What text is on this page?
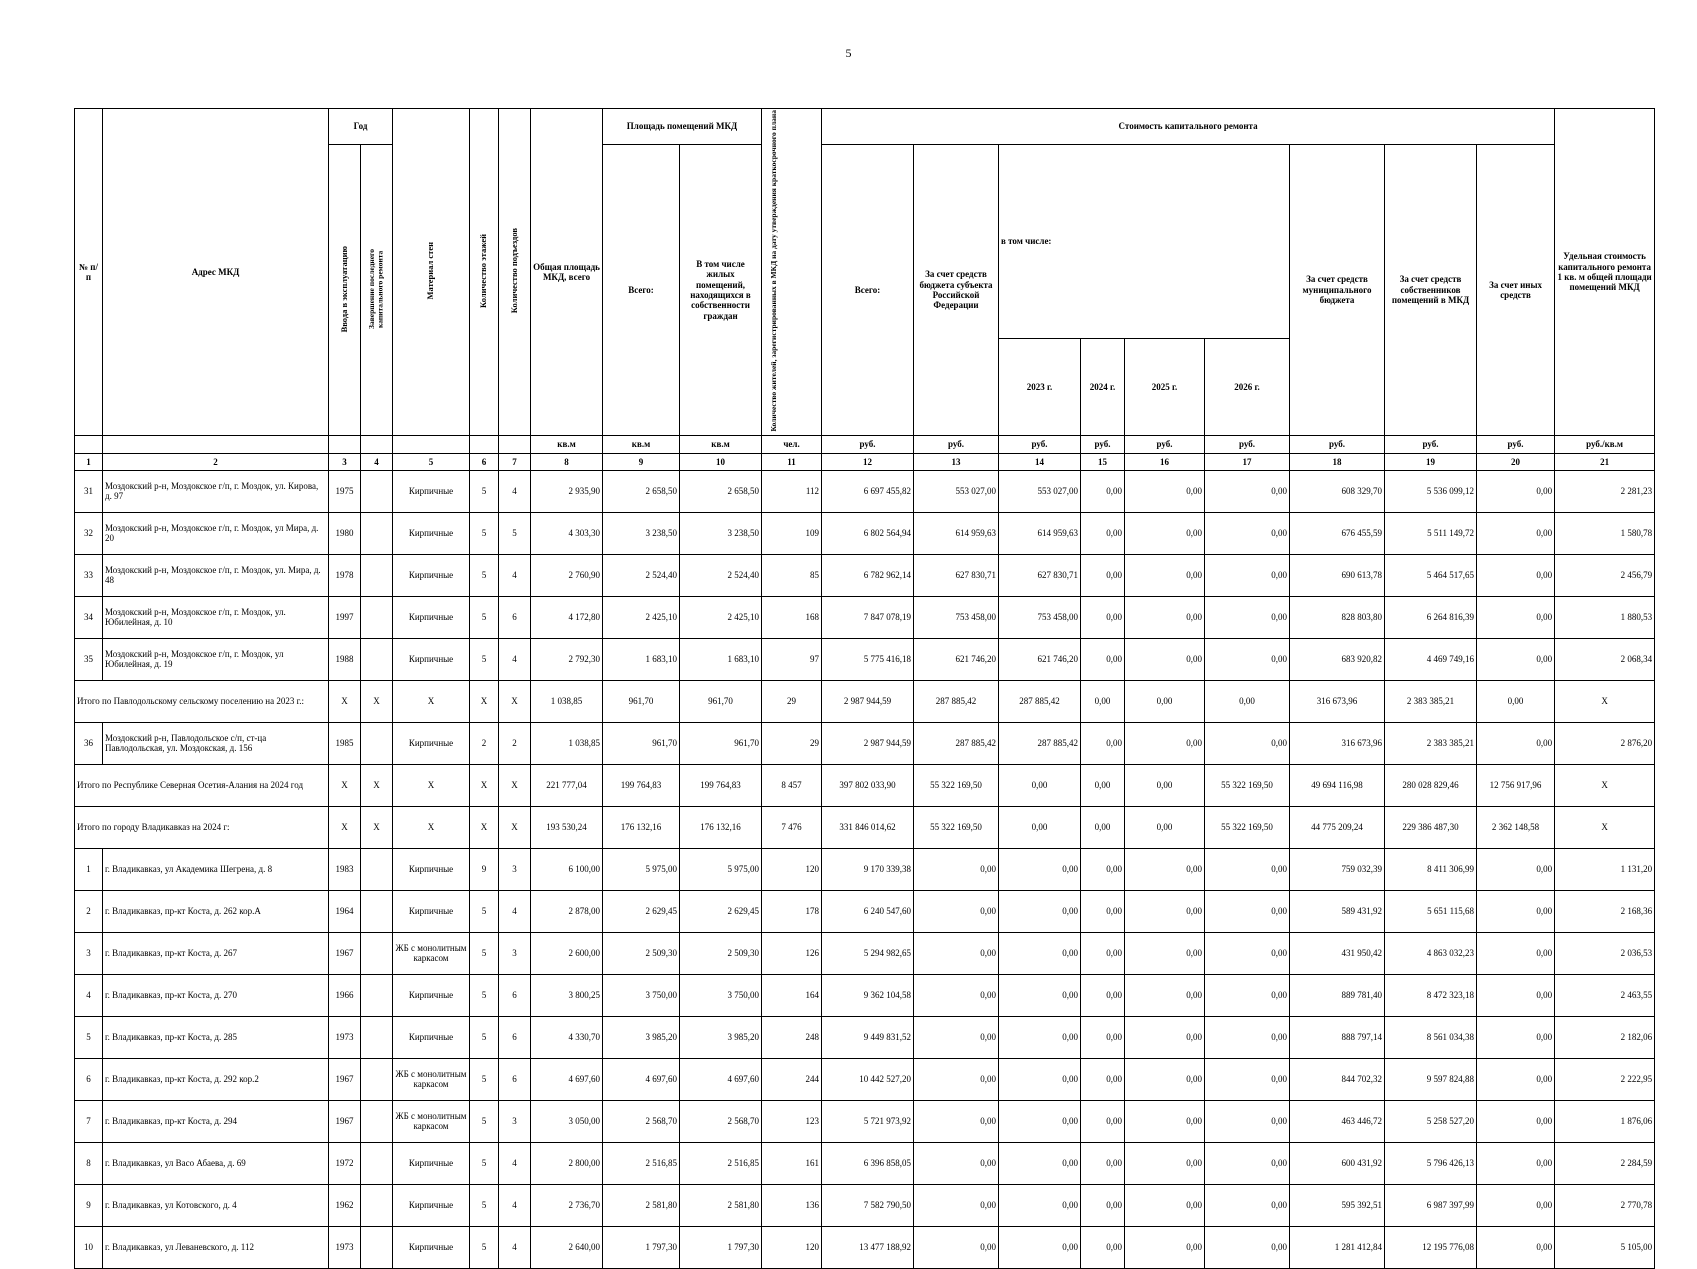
5
№ п/п	Адрес МКД	Год		Материал стен	Количество этажей	Количество подъездов	Общая площадь МКД, всего	Площадь помещений МКД		Количество жителей, зарегистрированных в МКД на дату утверждения краткосрочного плана	Стоимость капитального ремонта									Удельная стоимость капитального ремонта 1 кв. м общей площади помещений МКД
		Ввода в эксплуатацию	Завершение последнего капитального ремонта					Всего:	В том числе жилых помещений, находящихся в собственности граждан		Всего:	За счет средств бюджета субъекта Российской Федерации	в том числе:				За счет средств муниципального бюджета	За счет средств собственников помещений в МКД	За счет иных средств	
													2023 г.	2024 г.	2025 г.	2026 г.				
							кв.м	кв.м	кв.м	чел.	руб.	руб.	руб.	руб.	руб.	руб.	руб.	руб.	руб.	руб./кв.м
1	2	3	4	5	6	7	8	9	10	11	12	13	14	15	16	17	18	19	20	21
31	Моздокский р-н, Моздокское г/п, г. Моздок, ул. Кирова, д. 97	1975		Кирпичные	5	4	2 935,90	2 658,50	2 658,50	112	6 697 455,82	553 027,00	553 027,00	0,00	0,00	0,00	608 329,70	5 536 099,12	0,00	2 281,23
32	Моздокский р-н, Моздокское г/п, г. Моздок, ул Мира, д. 20	1980		Кирпичные	5	5	4 303,30	3 238,50	3 238,50	109	6 802 564,94	614 959,63	614 959,63	0,00	0,00	0,00	676 455,59	5 511 149,72	0,00	1 580,78
33	Моздокский р-н, Моздокское г/п, г. Моздок, ул. Мира, д. 48	1978		Кирпичные	5	4	2 760,90	2 524,40	2 524,40	85	6 782 962,14	627 830,71	627 830,71	0,00	0,00	0,00	690 613,78	5 464 517,65	0,00	2 456,79
34	Моздокский р-н, Моздокское г/п, г. Моздок, ул. Юбилейная, д. 10	1997		Кирпичные	5	6	4 172,80	2 425,10	2 425,10	168	7 847 078,19	753 458,00	753 458,00	0,00	0,00	0,00	828 803,80	6 264 816,39	0,00	1 880,53
35	Моздокский р-н, Моздокское г/п, г. Моздок, ул Юбилейная, д. 19	1988		Кирпичные	5	4	2 792,30	1 683,10	1 683,10	97	5 775 416,18	621 746,20	621 746,20	0,00	0,00	0,00	683 920,82	4 469 749,16	0,00	2 068,34
Итого по Павлодольскому сельскому поселению на 2023 г.:		X	X	X	X	X	1 038,85	961,70	961,70	29	2 987 944,59	287 885,42	287 885,42	0,00	0,00	0,00	316 673,96	2 383 385,21	0,00	X
36	Моздокский р-н, Павлодольское с/п, ст-ца Павлодольская, ул. Моздокская, д. 156	1985		Кирпичные	2	2	1 038,85	961,70	961,70	29	2 987 944,59	287 885,42	287 885,42	0,00	0,00	0,00	316 673,96	2 383 385,21	0,00	2 876,20
Итого по Республике Северная Осетия-Алания на 2024 год		X	X	X	X	X	221 777,04	199 764,83	199 764,83	8 457	397 802 033,90	55 322 169,50	0,00	0,00	0,00	55 322 169,50	49 694 116,98	280 028 829,46	12 756 917,96	X
Итого по городу Владикавказ на 2024 г:		X	X	X	X	X	193 530,24	176 132,16	176 132,16	7 476	331 846 014,62	55 322 169,50	0,00	0,00	0,00	55 322 169,50	44 775 209,24	229 386 487,30	2 362 148,58	X
1	г. Владикавказ, ул Академика Шегрена, д. 8	1983		Кирпичные	9	3	6 100,00	5 975,00	5 975,00	120	9 170 339,38	0,00	0,00	0,00	0,00	0,00	759 032,39	8 411 306,99	0,00	1 131,20
2	г. Владикавказ, пр-кт Коста, д. 262 кор.А	1964		Кирпичные	5	4	2 878,00	2 629,45	2 629,45	178	6 240 547,60	0,00	0,00	0,00	0,00	0,00	589 431,92	5 651 115,68	0,00	2 168,36
3	г. Владикавказ, пр-кт Коста, д. 267	1967		ЖБ с монолитным каркасом	5	3	2 600,00	2 509,30	2 509,30	126	5 294 982,65	0,00	0,00	0,00	0,00	0,00	431 950,42	4 863 032,23	0,00	2 036,53
4	г. Владикавказ, пр-кт Коста, д. 270	1966		Кирпичные	5	6	3 800,25	3 750,00	3 750,00	164	9 362 104,58	0,00	0,00	0,00	0,00	0,00	889 781,40	8 472 323,18	0,00	2 463,55
5	г. Владикавказ, пр-кт Коста, д. 285	1973		Кирпичные	5	6	4 330,70	3 985,20	3 985,20	248	9 449 831,52	0,00	0,00	0,00	0,00	0,00	888 797,14	8 561 034,38	0,00	2 182,06
6	г. Владикавказ, пр-кт Коста, д. 292 кор.2	1967		ЖБ с монолитным каркасом	5	6	4 697,60	4 697,60	4 697,60	244	10 442 527,20	0,00	0,00	0,00	0,00	0,00	844 702,32	9 597 824,88	0,00	2 222,95
7	г. Владикавказ, пр-кт Коста, д. 294	1967		ЖБ с монолитным каркасом	5	3	3 050,00	2 568,70	2 568,70	123	5 721 973,92	0,00	0,00	0,00	0,00	0,00	463 446,72	5 258 527,20	0,00	1 876,06
8	г. Владикавказ, ул Васо Абаева, д. 69	1972		Кирпичные	5	4	2 800,00	2 516,85	2 516,85	161	6 396 858,05	0,00	0,00	0,00	0,00	0,00	600 431,92	5 796 426,13	0,00	2 284,59
9	г. Владикавказ, ул Котовского, д. 4	1962		Кирпичные	5	4	2 736,70	2 581,80	2 581,80	136	7 582 790,50	0,00	0,00	0,00	0,00	0,00	595 392,51	6 987 397,99	0,00	2 770,78
10	г. Владикавказ, ул Леваневского, д. 112	1973		Кирпичные	5	4	2 640,00	1 797,30	1 797,30	120	13 477 188,92	0,00	0,00	0,00	0,00	0,00	1 281 412,84	12 195 776,08	0,00	5 105,00
